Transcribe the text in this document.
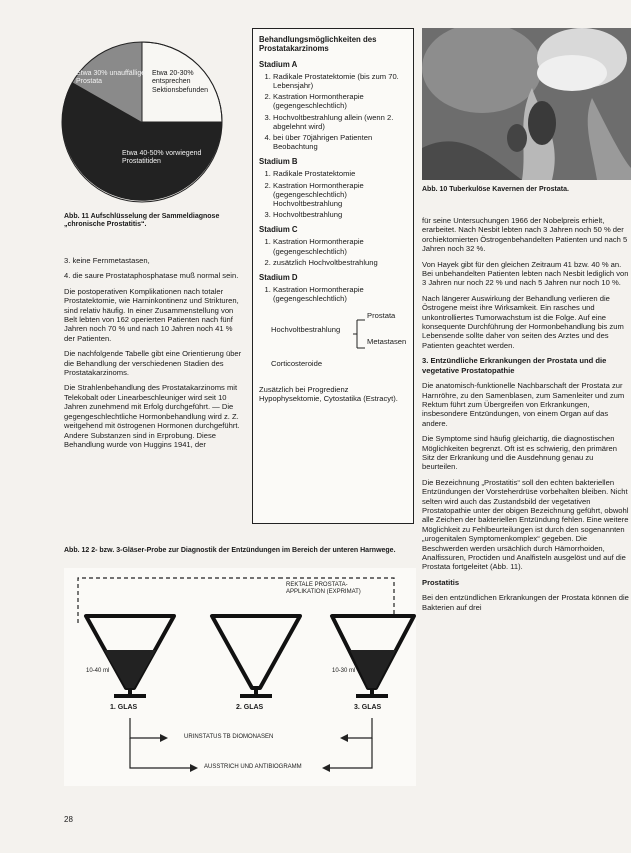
Etwa 30% unauffällige Prostata
Etwa 20-30% entsprechen Sektionsbefunden
Etwa 40-50% vorwiegend Prostatitiden
Abb. 11 Aufschlüsselung der Sammeldiagnose „chronische Prostatitis“.

3. keine Fernmetastasen,

4. die saure Prostataphosphatase muß normal sein.

Die postoperativen Komplikationen nach totaler Prostatektomie, wie Harninkontinenz und Strikturen, sind relativ häufig. In einer Zusammenstellung von Belt lebten von 162 operierten Patienten nach fünf Jahren noch 70 % und nach 10 Jahren noch 41 % der Patienten.

Die nachfolgende Tabelle gibt eine Orientierung über die Behandlung der verschiedenen Stadien des Prostatakarzinoms.

Die Strahlenbehandlung des Prostatakarzinoms mit Telekobalt oder Linearbeschleuniger wird seit 10 Jahren zunehmend mit Erfolg durchgeführt. — Die gegengeschlechtliche Hormonbehandlung wird z. Z. weitgehend mit östrogenen Hormonen durchgeführt. Andere Substanzen sind in Erprobung. Diese Behandlung wurde von Huggins 1941, der

Behandlungsmöglichkeiten des Prostatakarzinoms
Stadium A
1. Radikale Prostatektomie (bis zum 70. Lebensjahr)
2. Kastration Hormontherapie (gegengeschlechtlich)
3. Hochvoltbestrahlung allein (wenn 2. abgelehnt wird)
4. bei über 70jährigen Patienten Beobachtung
Stadium B
1. Radikale Prostatektomie
2. Kastration Hormontherapie (gegengeschlechtlich) Hochvoltbestrahlung
3. Hochvoltbestrahlung
Stadium C
1. Kastration Hormontherapie (gegengeschlechtlich)
2. zusätzlich Hochvoltbestrahlung
Stadium D
1. Kastration Hormontherapie (gegengeschlechtlich)
Hochvoltbestrahlung
Prostata
Metastasen
Corticosteroide
Zusätzlich bei Progredienz Hypophysektomie, Cytostatika (Estracyt).
Abb. 10 Tuberkulöse Kavernen der Prostata.

für seine Untersuchungen 1966 der Nobelpreis erhielt, erarbeitet. Nach Nesbit lebten nach 3 Jahren noch 50 % der orchiektomierten Östrogenbehandelten Patienten und nach 5 Jahren noch 32 %.

Von Hayek gibt für den gleichen Zeitraum 41 bzw. 40 % an. Bei unbehandelten Patienten lebten nach Nesbit lediglich von 3 Jahren nur noch 22 % und nach 5 Jahren nur noch 10 %.

Nach längerer Auswirkung der Behandlung verlieren die Östrogene meist ihre Wirksamkeit. Ein rasches und unkontrolliertes Tumorwachstum ist die Folge. Auf eine konsequente Durchführung der Hormonbehandlung bis zum Lebensende sollte daher von seiten des Arztes und des Patienten geachtet werden.

3. Entzündliche Erkrankungen der Prostata und die vegetative Prostatopathie

Die anatomisch-funktionelle Nachbarschaft der Prostata zur Harnröhre, zu den Samenblasen, zum Samenleiter und zum Rektum führt zum Übergreifen von Erkrankungen, insbesondere Entzündungen, von einem Organ auf das andere.

Die Symptome sind häufig gleichartig, die diagnostischen Möglichkeiten begrenzt. Oft ist es schwierig, den primären Sitz der Erkrankung und die Ausdehnung genau zu beurteilen.

Die Bezeichnung „Prostatitis“ soll den echten bakteriellen Entzündungen der Vorsteherdrüse vorbehalten bleiben. Nicht selten wird auch das Zustandsbild der vegetativen Prostatopathie unter der obigen Bezeichnung geführt, obwohl alle Zeichen der bakteriellen Entzündung fehlen. Eine weitere Möglichkeit zu Fehlbeurteilungen ist durch den sogenannten „urogenitalen Symptomenkomplex“ gegeben. Die Beschwerden werden ursächlich durch Hämorrhoiden, Analfissuren, Proctiden und Analfisteln ausgelöst und auf die Prostata fortgeleitet (Abb. 11).

Prostatitis

Bei den entzündlichen Erkrankungen der Prostata können die Bakterien auf drei

Abb. 12 2- bzw. 3-Gläser-Probe zur Diagnostik der Entzündungen im Bereich der unteren Harnwege.
REKTALE PROSTATA- APPLIKATION (EXPRIMAT)
10-40 ml	10-30 ml
1. GLAS	2. GLAS	3. GLAS
URINSTATUS TB DIOMONASEN
AUSSTRICH UND ANTIBIOGRAMM
28
